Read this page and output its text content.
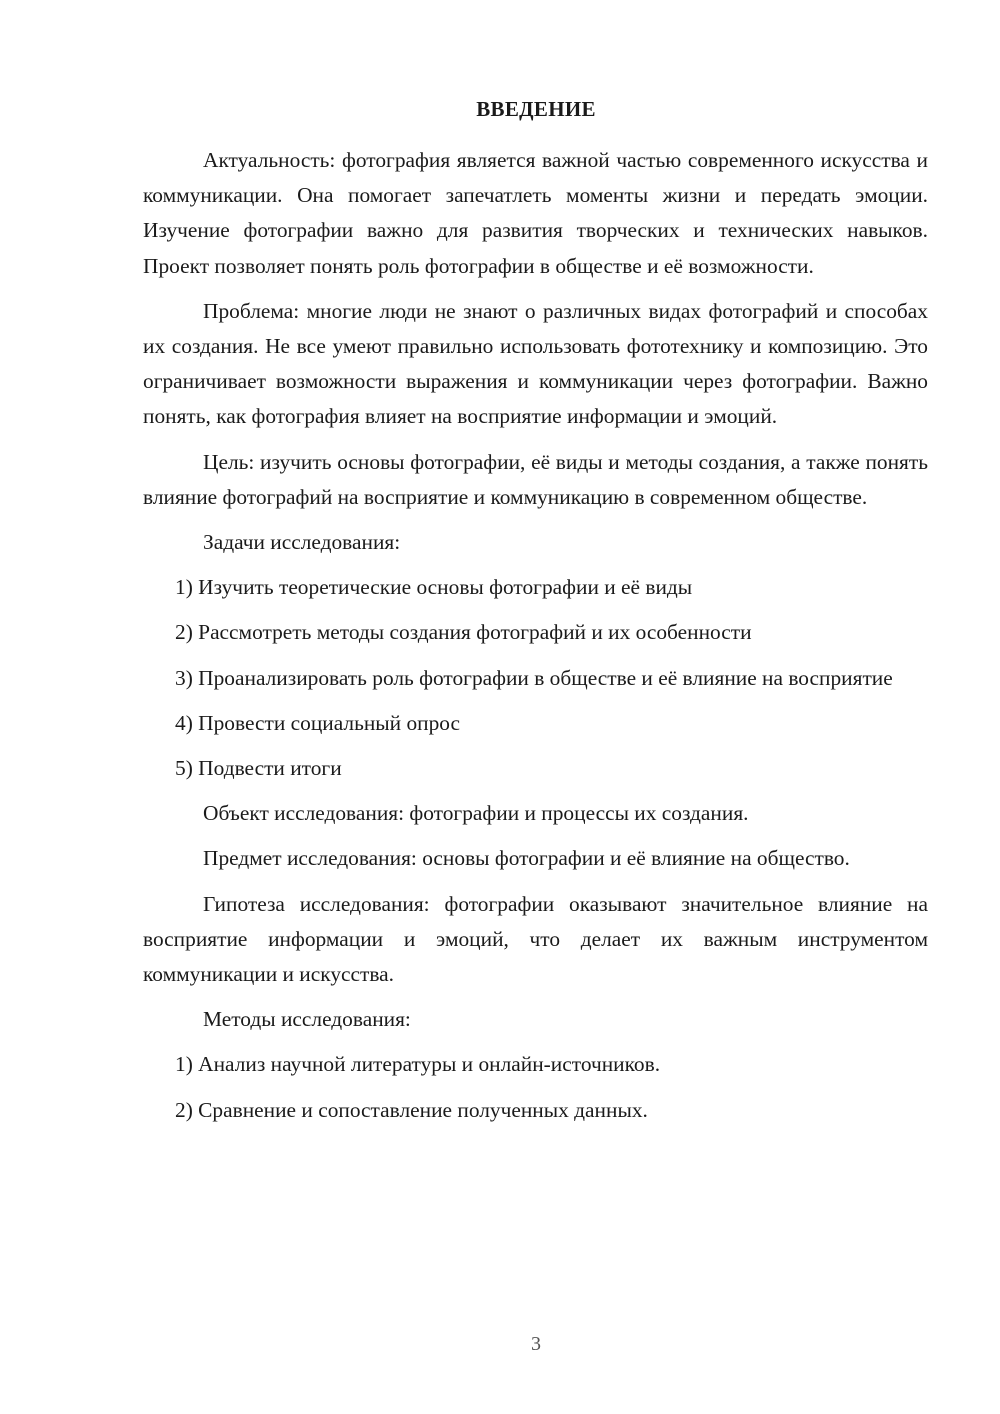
ВВЕДЕНИЕ

Актуальность: фотография является важной частью современного искусства и коммуникации. Она помогает запечатлеть моменты жизни и передать эмоции. Изучение фотографии важно для развития творческих и технических навыков. Проект позволяет понять роль фотографии в обществе и её возможности.

Проблема: многие люди не знают о различных видах фотографий и способах их создания. Не все умеют правильно использовать фототехнику и композицию. Это ограничивает возможности выражения и коммуникации через фотографии. Важно понять, как фотография влияет на восприятие информации и эмоций.

Цель: изучить основы фотографии, её виды и методы создания, а также понять влияние фотографий на восприятие и коммуникацию в современном обществе.

Задачи исследования:

1) Изучить теоретические основы фотографии и её виды

2) Рассмотреть методы создания фотографий и их особенности

3) Проанализировать роль фотографии в обществе и её влияние на восприятие

4) Провести социальный опрос

5) Подвести итоги

Объект исследования: фотографии и процессы их создания.

Предмет исследования: основы фотографии и её влияние на общество.

Гипотеза исследования: фотографии оказывают значительное влияние на восприятие информации и эмоций, что делает их важным инструментом коммуникации и искусства.

Методы исследования:

1) Анализ научной литературы и онлайн-источников.

2) Сравнение и сопоставление полученных данных.

3
